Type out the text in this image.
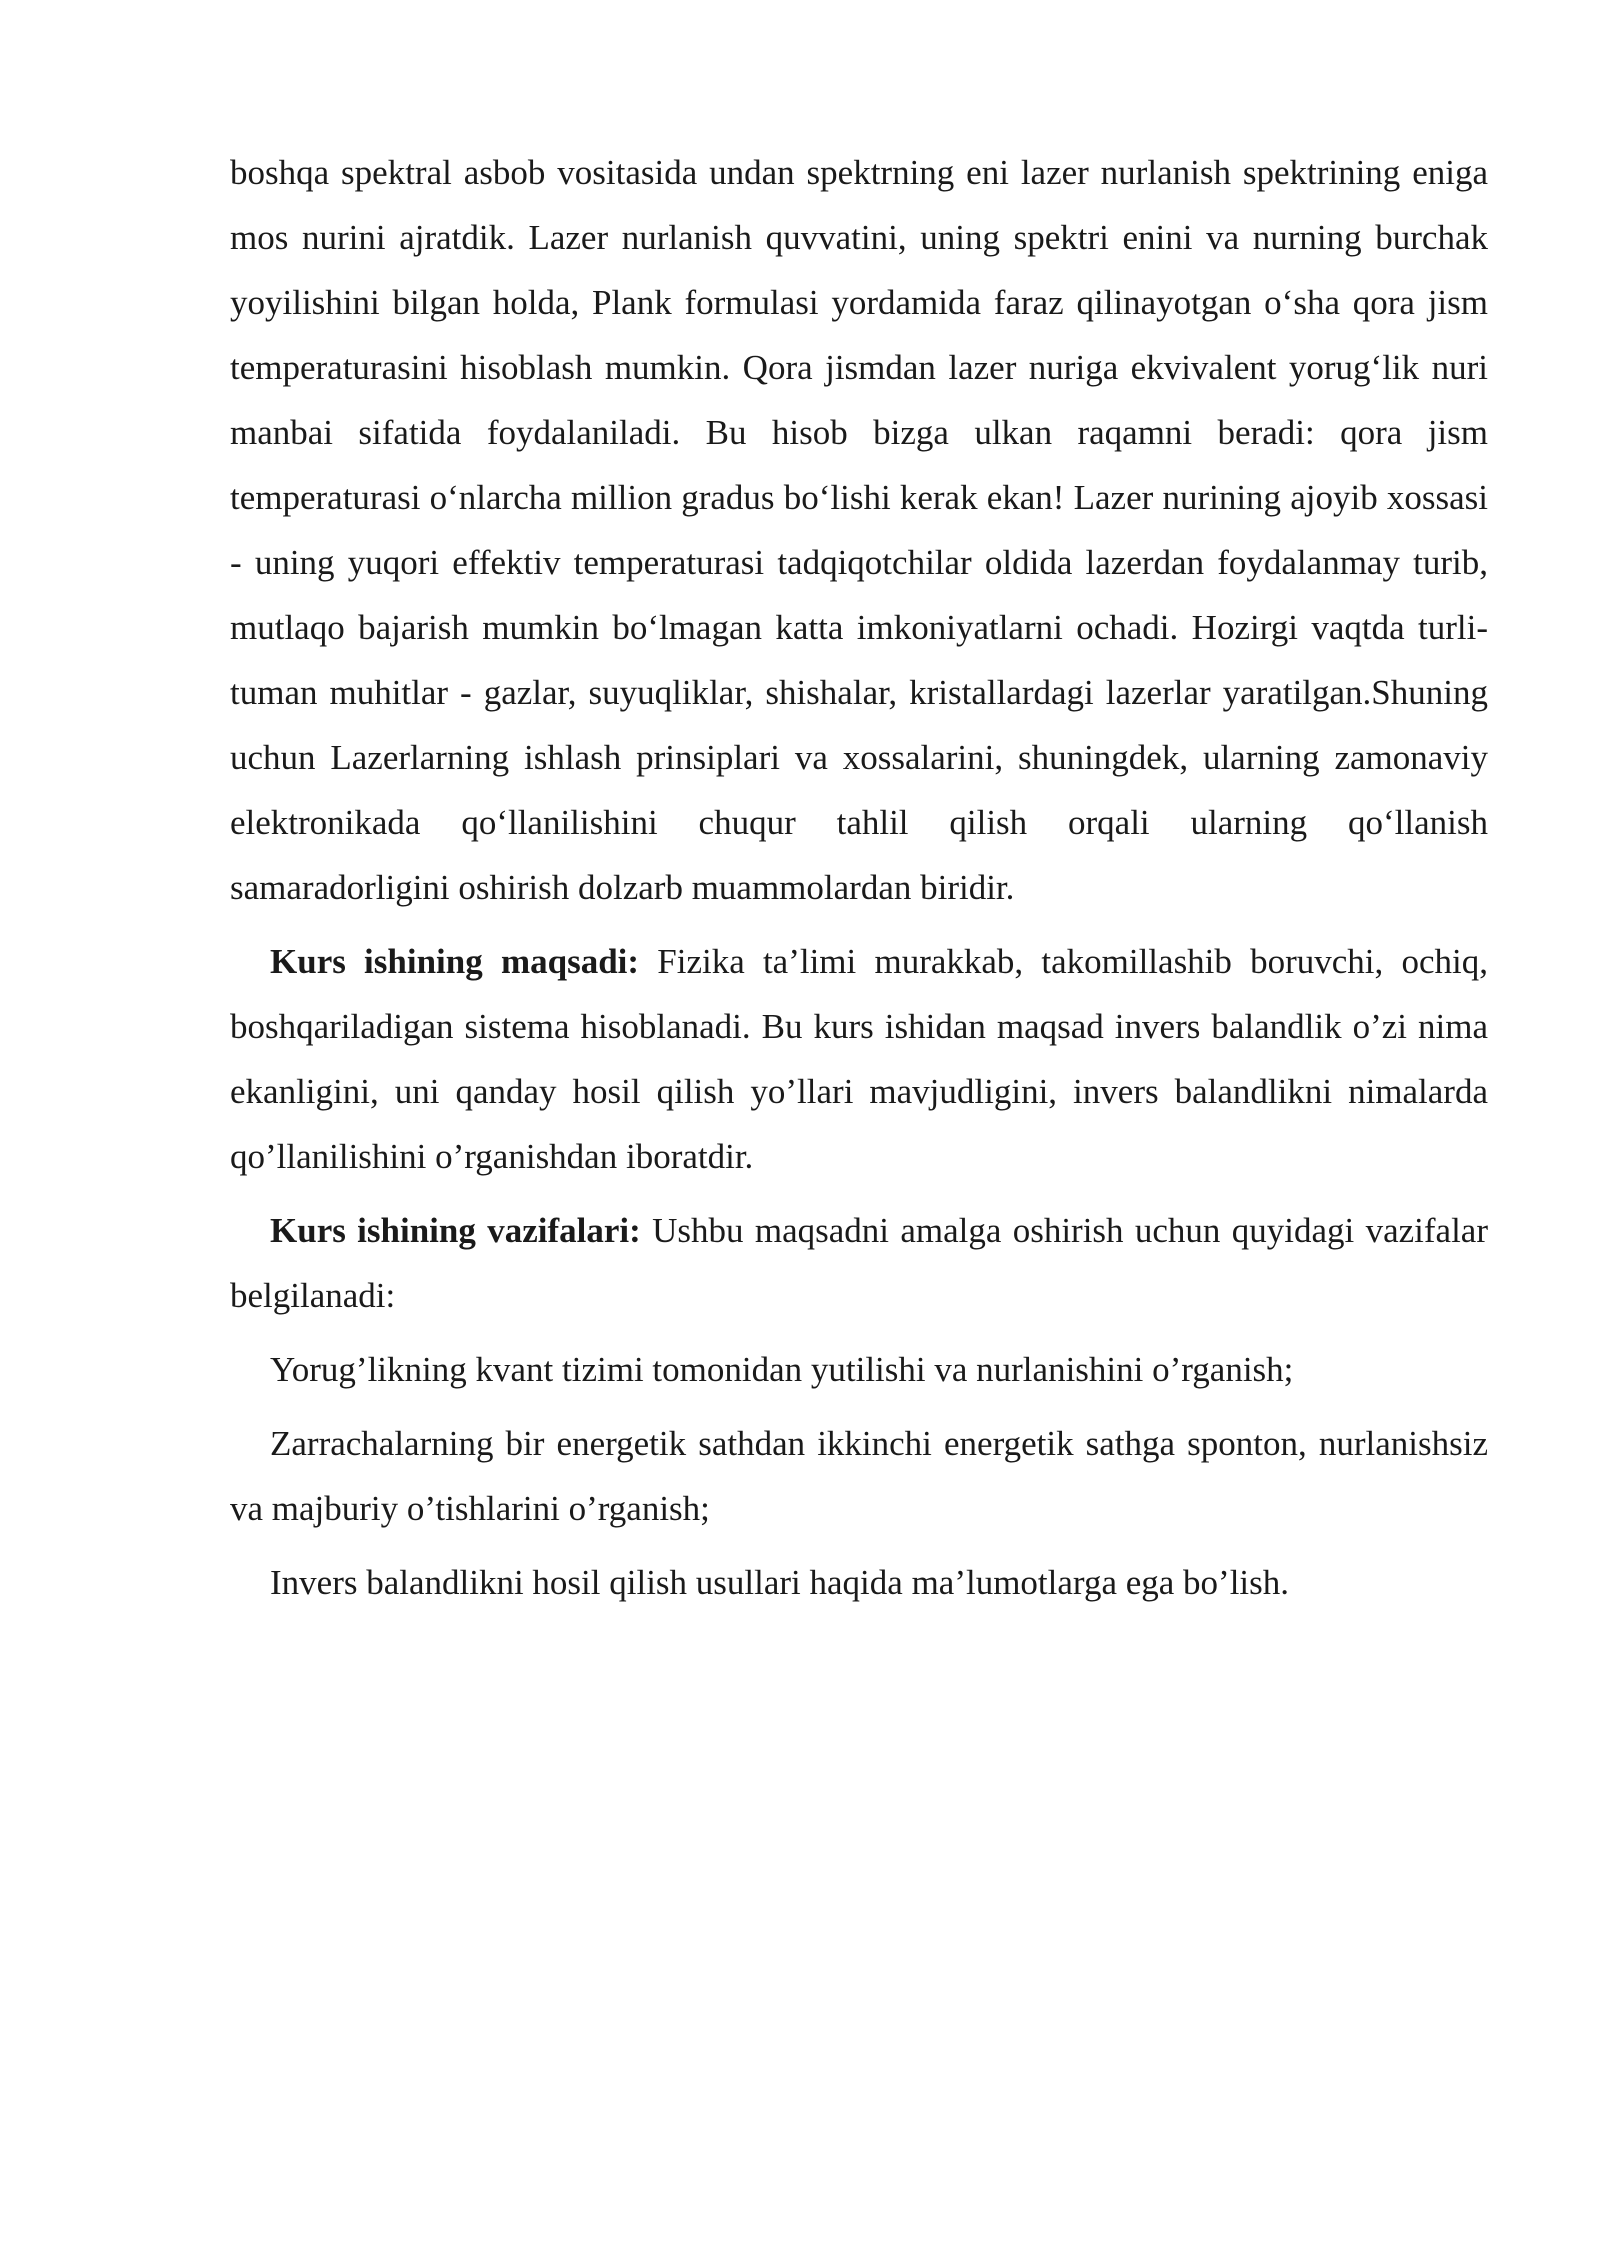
boshqa spektral asbob vositasida undan spektrning eni lazer nurlanish spektrining eniga mos nurini ajratdik. Lazer nurlanish quvvatini, uning spektri enini va nurning burchak yoyilishini bilgan holda, Plank formulasi yordamida faraz qilinayotgan o‘sha qora jism temperaturasini hisoblash mumkin. Qora jismdan lazer nuriga ekvivalent yorug‘lik nuri manbai sifatida foydalaniladi. Bu hisob bizga ulkan raqamni beradi: qora jism temperaturasi o‘nlarcha million gradus bo‘lishi kerak ekan! Lazer nurining ajoyib xossasi - uning yuqori effektiv temperaturasi tadqiqotchilar oldida lazerdan foydalanmay turib, mutlaqo bajarish mumkin bo‘lmagan katta imkoniyatlarni ochadi. Hozirgi vaqtda turli-tuman muhitlar - gazlar, suyuqliklar, shishalar, kristallardagi lazerlar yaratilgan.Shuning uchun Lazerlarning ishlash prinsiplari va xossalarini, shuningdek, ularning zamonaviy elektronikada qo‘llanilishini chuqur tahlil qilish orqali ularning qo‘llanish samaradorligini oshirish dolzarb muammolardan biridir.

Kurs ishining maqsadi: Fizika ta’limi murakkab, takomillashib boruvchi, ochiq, boshqariladigan sistema hisoblanadi. Bu kurs ishidan maqsad invers balandlik o’zi nima ekanligini, uni qanday hosil qilish yo’llari mavjudligini, invers balandlikni nimalarda qo’llanilishini o’rganishdan iboratdir.

Kurs ishining vazifalari: Ushbu maqsadni amalga oshirish uchun quyidagi vazifalar belgilanadi:

Yorug’likning kvant tizimi tomonidan yutilishi va nurlanishini o’rganish;

Zarrachalarning bir energetik sathdan ikkinchi energetik sathga sponton, nurlanishsiz va majburiy o’tishlarini o’rganish;

Invers balandlikni hosil qilish usullari haqida ma’lumotlarga ega bo’lish.
